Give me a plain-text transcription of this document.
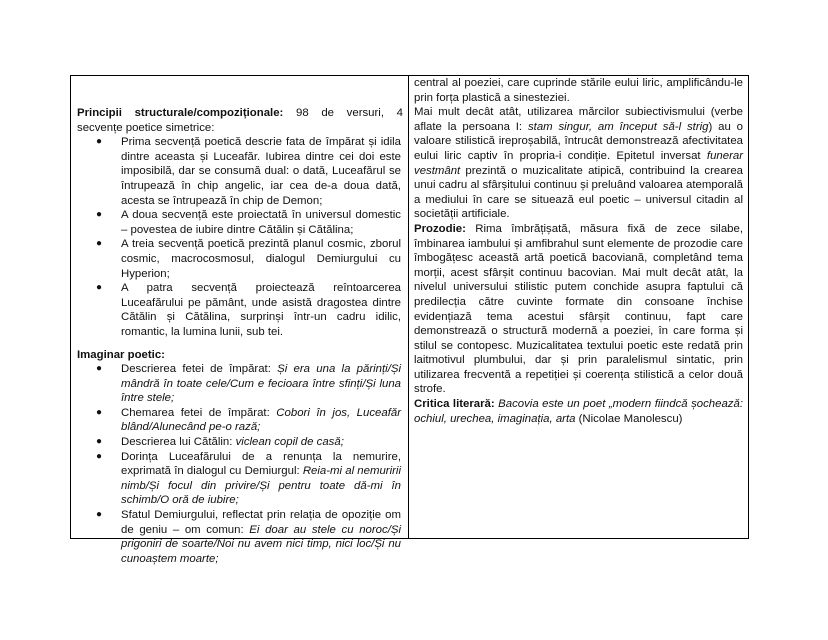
Principii structurale/compoziționale: 98 de versuri, 4 secvențe poetice simetrice:

● Prima secvență poetică descrie fata de împărat și idila dintre aceasta și Luceafăr. Iubirea dintre cei doi este imposibilă, dar se consumă dual: o dată, Luceafărul se întrupează în chip angelic, iar cea de-a doua dată, acesta se întrupează în chip de Demon;
● A doua secvență este proiectată în universul domestic – povestea de iubire dintre Cătălin și Cătălina;
● A treia secvență poetică prezintă planul cosmic, zborul cosmic, macrocosmosul, dialogul Demiurgului cu Hyperion;
● A patra secvență proiectează reîntoarcerea Luceafărului pe pământ, unde asistă dragostea dintre Cătălin și Cătălina, surprinși într-un cadru idilic, romantic, la lumina lunii, sub tei.

Imaginar poetic:

● Descrierea fetei de împărat: Și era una la părinți/Și mândră în toate cele/Cum e fecioara între sfinți/Și luna între stele;
● Chemarea fetei de împărat: Cobori în jos, Luceafăr blând/Alunecând pe-o rază;
● Descrierea lui Cătălin: viclean copil de casă;
● Dorința Luceafărului de a renunța la nemurire, exprimată în dialogul cu Demiurgul: Reia-mi al nemuririi nimb/Și focul din privire/Și pentru toate dă-mi în schimb/O oră de iubire;
● Sfatul Demiurgului, reflectat prin relația de opoziție om de geniu – om comun: Ei doar au stele cu noroc/Și prigoniri de soarte/Noi nu avem nici timp, nici loc/Și nu cunoaștem moarte;

central al poeziei, care cuprinde stările eului liric, amplificându-le prin forța plastică a sinesteziei.

Mai mult decât atât, utilizarea mărcilor subiectivismului (verbe aflate la persoana I: stam singur, am început să-l strig) au o valoare stilistică ireproșabilă, întrucât demonstrează afectivitatea eului liric captiv în propria-i condiție. Epitetul inversat funerar vestmânt prezintă o muzicalitate atipică, contribuind la crearea unui cadru al sfârșitului continuu și preluând valoarea atemporală a mediului în care se situează eul poetic – universul citadin al societății artificiale.

Prozodie: Rima îmbrățișată, măsura fixă de zece silabe, îmbinarea iambului și amfibrahul sunt elemente de prozodie care îmbogățesc această artă poetică bacoviană, completând tema morții, acest sfârșit continuu bacovian. Mai mult decât atât, la nivelul universului stilistic putem conchide asupra faptului că predilecția către cuvinte formate din consoane închise evidențiază tema acestui sfârșit continuu, fapt care demonstrează o structură modernă a poeziei, în care forma și stilul se contopesc. Muzicalitatea textului poetic este redată prin laitmotivul plumbului, dar și prin paralelismul sintatic, prin utilizarea frecventă a repetiției și coerența stilistică a celor două strofe.

Critica literară: Bacovia este un poet „modern fiindcă șochează: ochiul, urechea, imaginația, arta (Nicolae Manolescu)
